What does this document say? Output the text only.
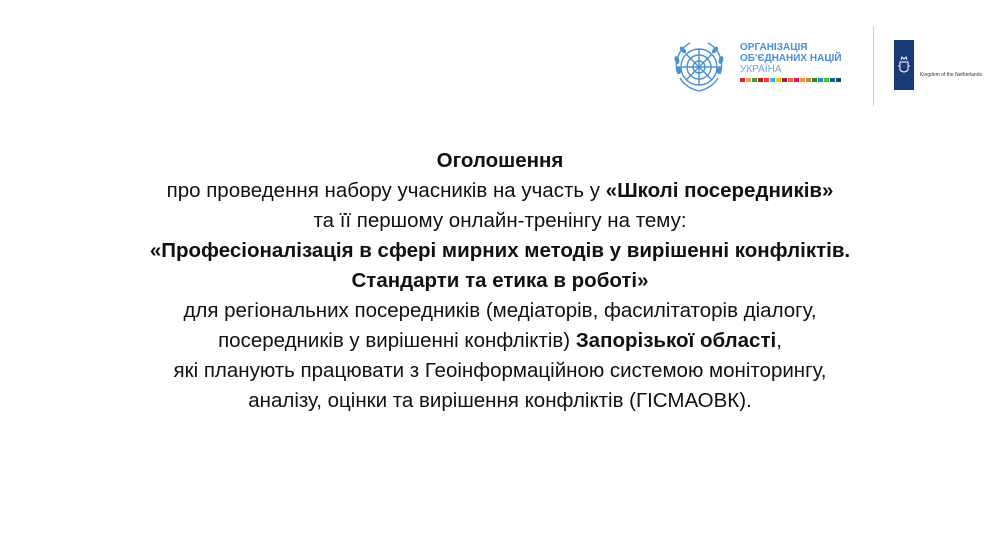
ОРГАНІЗАЦІЯ
ОБ'ЄДНАНИХ НАЦІЙ
УКРАЇНА	Kingdom of the Netherlands
Оголошення
про проведення набору учасників на участь у «Школі посередників»
та її першому онлайн-тренінгу на тему:
«Професіоналізація в сфері мирних методів у вирішенні конфліктів.
Стандарти та етика в роботі»
для регіональних посередників (медіаторів, фасилітаторів діалогу,
посередників у вирішенні конфліктів) Запорізької області,
які планують працювати з Геоінформаційною системою моніторингу,
аналізу, оцінки та вирішення конфліктів (ГІСМАОВК).
